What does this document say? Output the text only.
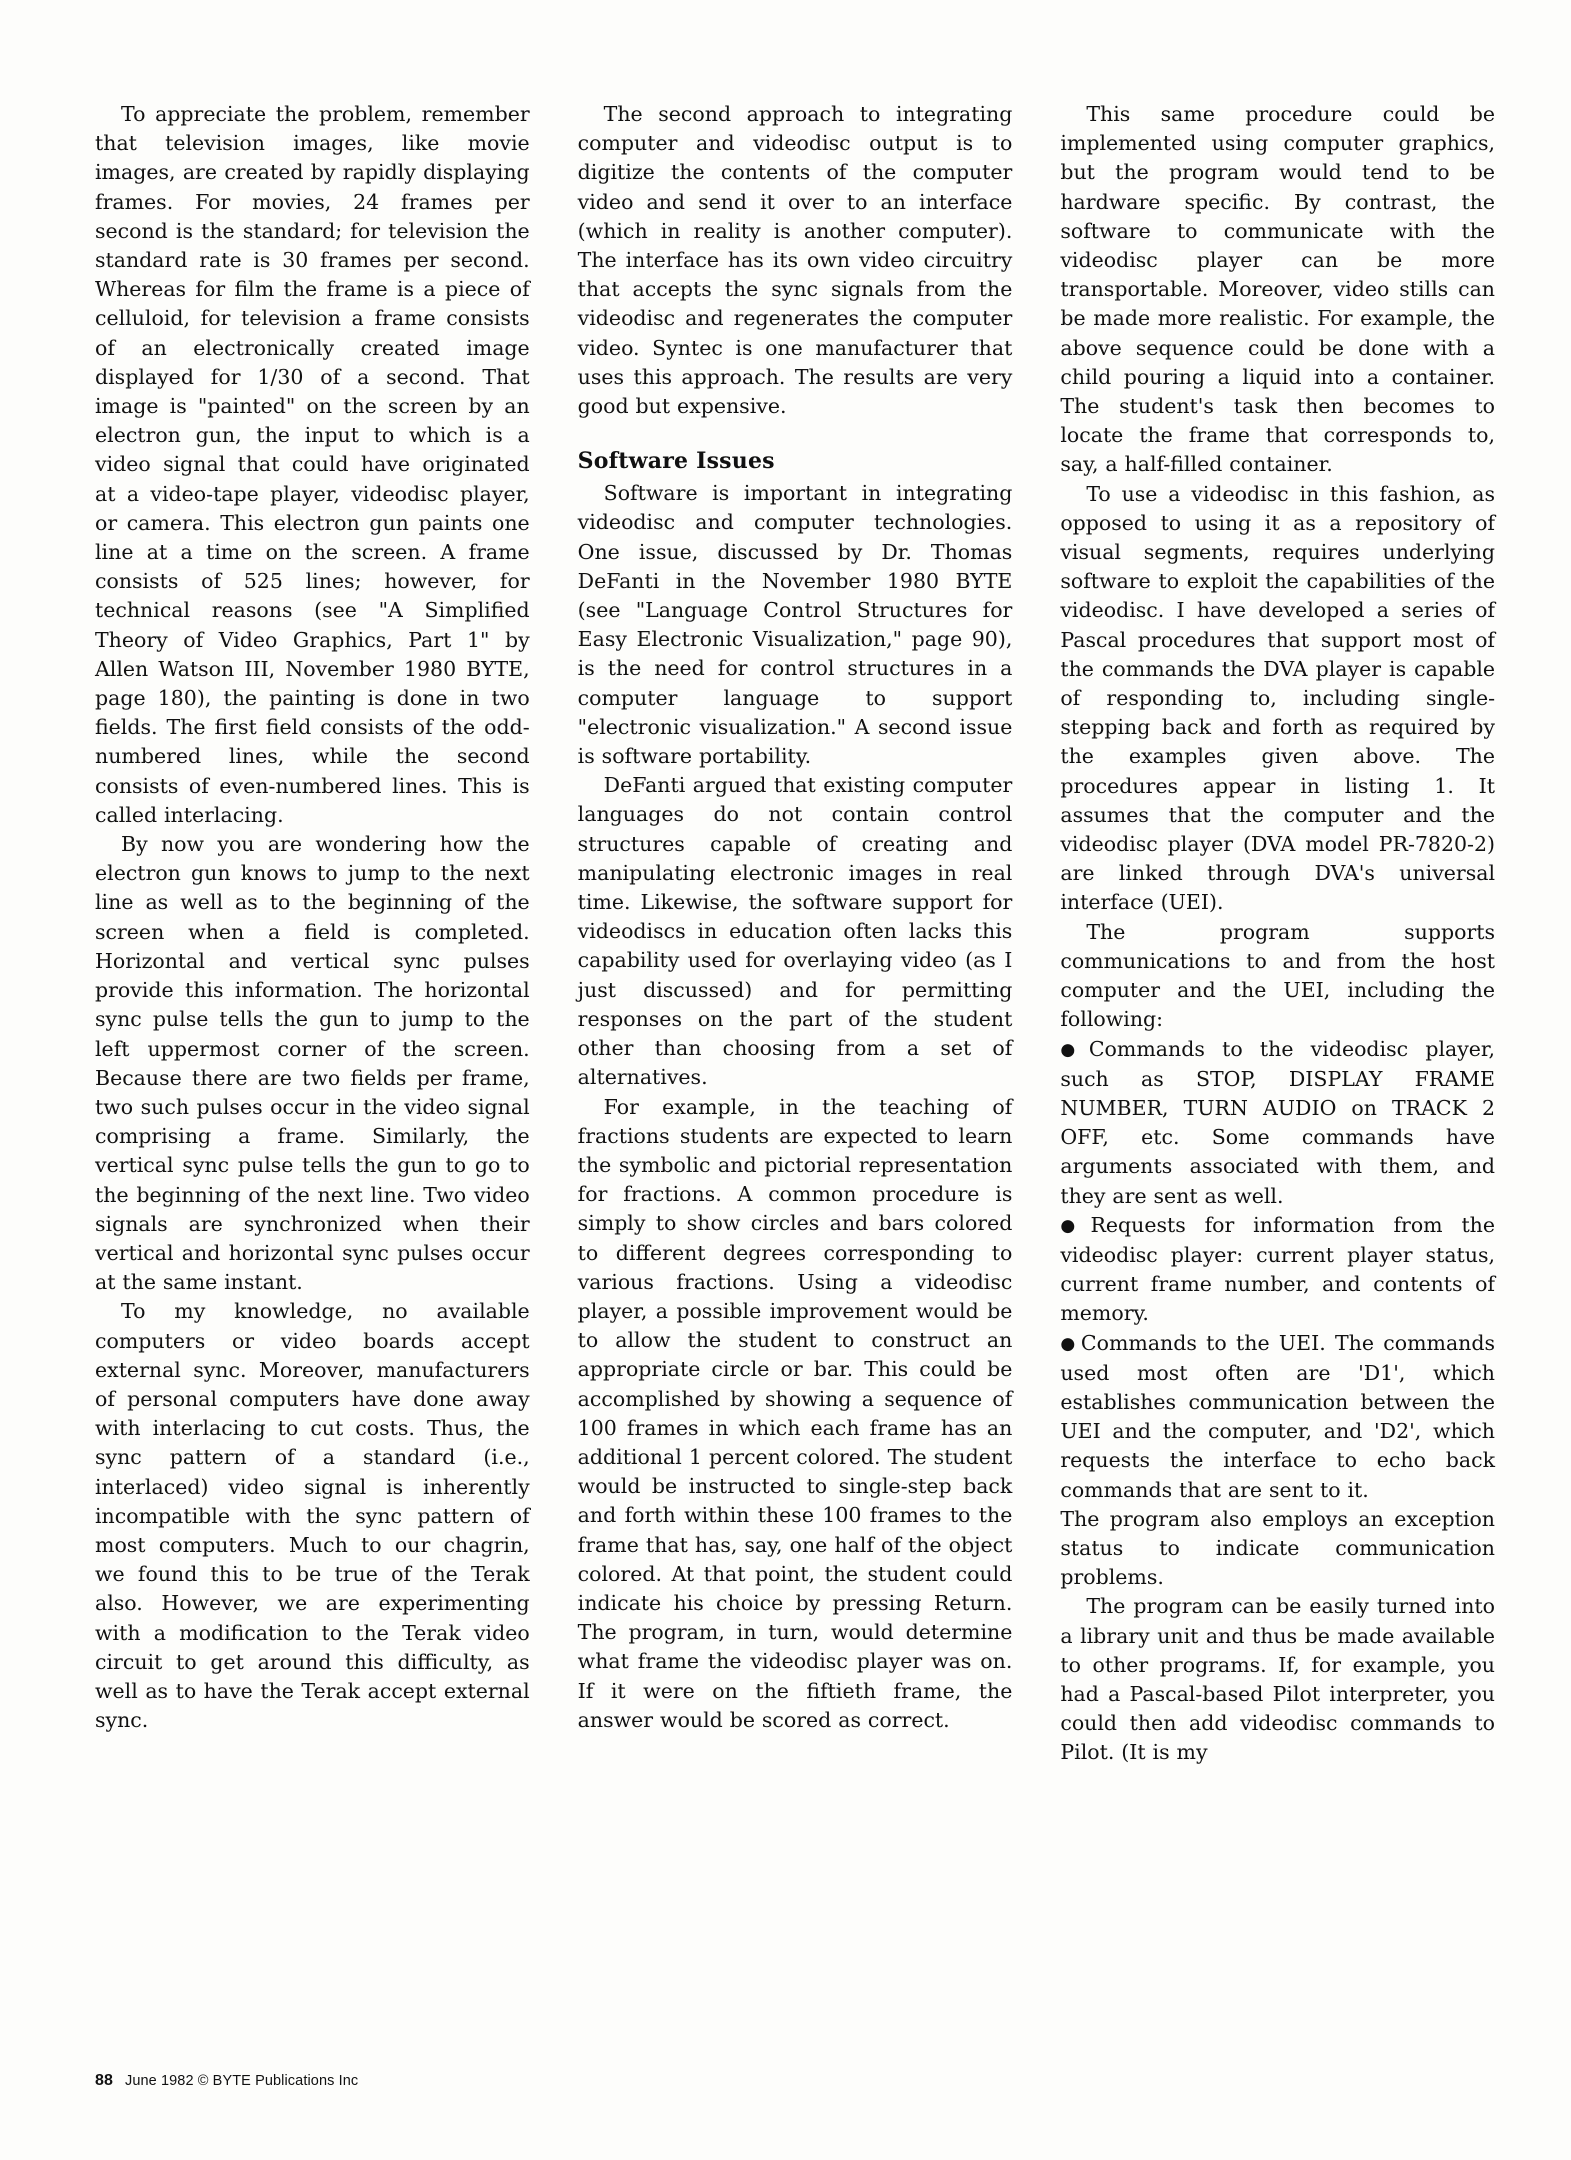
To appreciate the problem, remember that television images, like movie images, are created by rapidly displaying frames. For movies, 24 frames per second is the standard; for television the standard rate is 30 frames per second. Whereas for film the frame is a piece of celluloid, for television a frame consists of an electronically created image displayed for 1/30 of a second. That image is "painted" on the screen by an electron gun, the input to which is a video signal that could have originated at a video-tape player, videodisc player, or camera. This electron gun paints one line at a time on the screen. A frame consists of 525 lines; however, for technical reasons (see "A Simplified Theory of Video Graphics, Part 1" by Allen Watson III, November 1980 BYTE, page 180), the painting is done in two fields. The first field consists of the odd-numbered lines, while the second consists of even-numbered lines. This is called interlacing.

By now you are wondering how the electron gun knows to jump to the next line as well as to the beginning of the screen when a field is completed. Horizontal and vertical sync pulses provide this information. The horizontal sync pulse tells the gun to jump to the left uppermost corner of the screen. Because there are two fields per frame, two such pulses occur in the video signal comprising a frame. Similarly, the vertical sync pulse tells the gun to go to the beginning of the next line. Two video signals are synchronized when their vertical and horizontal sync pulses occur at the same instant.

To my knowledge, no available computers or video boards accept external sync. Moreover, manufacturers of personal computers have done away with interlacing to cut costs. Thus, the sync pattern of a standard (i.e., interlaced) video signal is inherently incompatible with the sync pattern of most computers. Much to our chagrin, we found this to be true of the Terak also. However, we are experimenting with a modification to the Terak video circuit to get around this difficulty, as well as to have the Terak accept external sync.

The second approach to integrating computer and videodisc output is to digitize the contents of the computer video and send it over to an interface (which in reality is another computer). The interface has its own video circuitry that accepts the sync signals from the videodisc and regenerates the computer video. Syntec is one manufacturer that uses this approach. The results are very good but expensive.

Software Issues

Software is important in integrating videodisc and computer technologies. One issue, discussed by Dr. Thomas DeFanti in the November 1980 BYTE (see "Language Control Structures for Easy Electronic Visualization," page 90), is the need for control structures in a computer language to support "electronic visualization." A second issue is software portability.

DeFanti argued that existing computer languages do not contain control structures capable of creating and manipulating electronic images in real time. Likewise, the software support for videodiscs in education often lacks this capability used for overlaying video (as I just discussed) and for permitting responses on the part of the student other than choosing from a set of alternatives.

For example, in the teaching of fractions students are expected to learn the symbolic and pictorial representation for fractions. A common procedure is simply to show circles and bars colored to different degrees corresponding to various fractions. Using a videodisc player, a possible improvement would be to allow the student to construct an appropriate circle or bar. This could be accomplished by showing a sequence of 100 frames in which each frame has an additional 1 percent colored. The student would be instructed to single-step back and forth within these 100 frames to the frame that has, say, one half of the object colored. At that point, the student could indicate his choice by pressing Return. The program, in turn, would determine what frame the videodisc player was on. If it were on the fiftieth frame, the answer would be scored as correct.

This same procedure could be implemented using computer graphics, but the program would tend to be hardware specific. By contrast, the software to communicate with the videodisc player can be more transportable. Moreover, video stills can be made more realistic. For example, the above sequence could be done with a child pouring a liquid into a container. The student's task then becomes to locate the frame that corresponds to, say, a half-filled container.

To use a videodisc in this fashion, as opposed to using it as a repository of visual segments, requires underlying software to exploit the capabilities of the videodisc. I have developed a series of Pascal procedures that support most of the commands the DVA player is capable of responding to, including single-stepping back and forth as required by the examples given above. The procedures appear in listing 1. It assumes that the computer and the videodisc player (DVA model PR-7820-2) are linked through DVA's universal interface (UEI).

The program supports communications to and from the host computer and the UEI, including the following:

● Commands to the videodisc player, such as STOP, DISPLAY FRAME NUMBER, TURN AUDIO on TRACK 2 OFF, etc. Some commands have arguments associated with them, and they are sent as well.

● Requests for information from the videodisc player: current player status, current frame number, and contents of memory.

● Commands to the UEI. The commands used most often are 'D1', which establishes communication between the UEI and the computer, and 'D2', which requests the interface to echo back commands that are sent to it.

The program also employs an exception status to indicate communication problems.

The program can be easily turned into a library unit and thus be made available to other programs. If, for example, you had a Pascal-based Pilot interpreter, you could then add videodisc commands to Pilot. (It is my

88 June 1982 © BYTE Publications Inc
